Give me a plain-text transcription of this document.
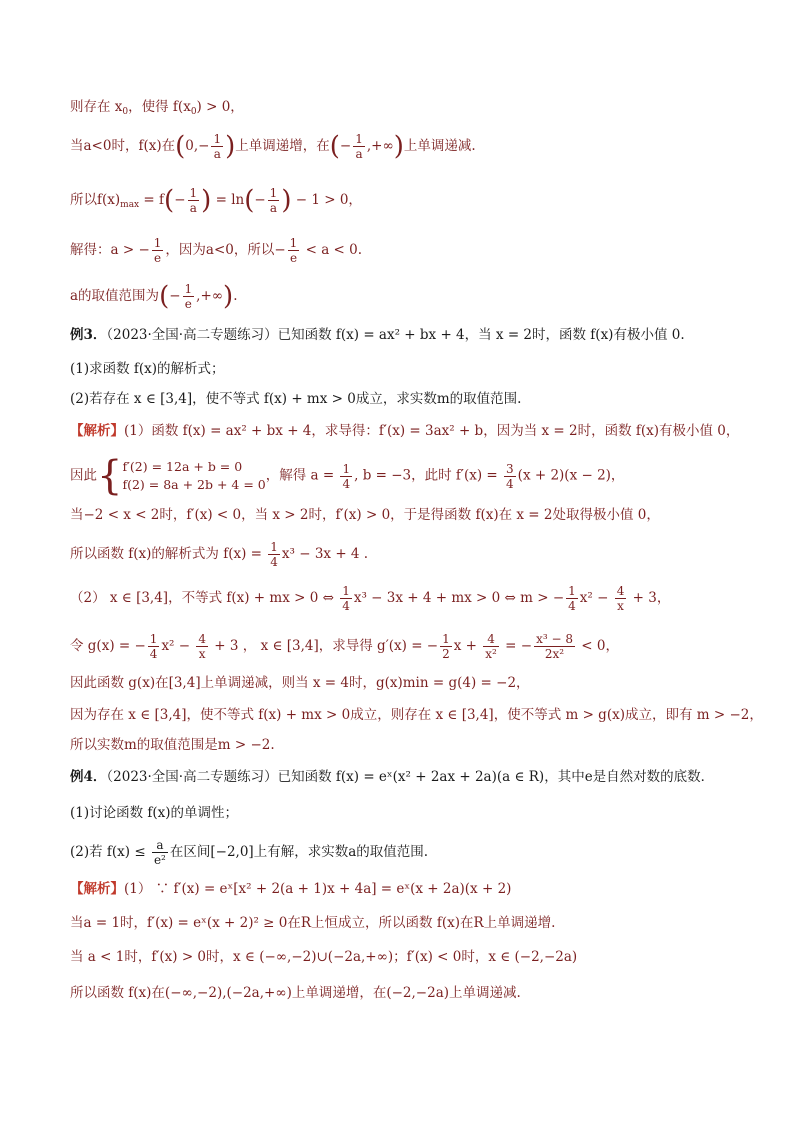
则存在 $x_0$，使得 $f(x_0) > 0$，
当a<0时，f(x)在($0,- \frac{1}{a}$ )上单调递增，在(− $\frac{1}{a}$ ,+∞)上单调递减.
所以$f(x)_{max} = f(- \frac{1}{a}$ ) = $\ln(- \frac{1}{a}$ ) − 1 > 0，
解得：a > − $\frac{1}{e}$ ，因为a<0，所以− $\frac{1}{e} < a < 0$.
a的取值范围为(− $\frac{1}{e}$ ,+∞).
例3．（2023·全国·高二专题练习）已知函数 f(x) = ax² + bx + 4，当 x = 2时，函数 f(x)有极小值 0.
(1)求函数 f(x)的解析式；
(2)若存在 x ∈ [3,4]，使不等式 f(x) + mx > 0成立，求实数m的取值范围.
【解析】(1）函数 f(x) = ax² + bx + 4，求导得：f′(x) = 3ax² + b，因为当 x = 2时，函数 f(x)有极小值 0，
因此{ f′(2) = 12a + b = 0
f(2) = 8a + 2b + 4 = 0
，解得 $a = \frac{1}{4}$ , b = −3，此时 $f'(x) = \frac{3}{4} (x + 2)(x - 2)$，
当−2 < x < 2时，f′(x) < 0，当 x > 2时，f′(x) > 0，于是得函数 f(x)在 x = 2处取得极小值 0，
所以函数 f(x)的解析式为 $f(x) = \frac{1}{4} x^3 - 3x + 4$ .
（2） x ∈ [3,4]，不等式 f(x) + mx > 0 ⇔ $\frac{1}{4} x^3 - 3x + 4$ + mx > 0 ⇔ m > − $\frac{1}{4} x^2 - \frac{4}{x} + 3$，
令 g(x) = − $\frac{1}{4} x^2 - \frac{4}{x} + 3$ ， x ∈ [3,4]，求导得 g′(x) = − $\frac{1}{2}$ $x + \frac{4}{\text{x²}}$ = − $\frac{\text{x³ − 8}}{\text{2x²}} < 0$，
因此函数 g(x)在[3,4]上单调递减，则当 x = 4时，g(x)min = g(4) = −2，
因为存在 x ∈ [3,4]，使不等式 f(x) + mx > 0成立，则存在 x ∈ [3,4]，使不等式 m > g(x)成立，即有 m > −2，
所以实数m的取值范围是m > −2.
例4．（2023·全国·高二专题练习）已知函数 f(x) = eˣ(x² + 2ax + 2a)(a ∈ R)，其中e是自然对数的底数．
(1)讨论函数 f(x)的单调性；
(2)若 $f(x) \le \frac{a}{\text{e²}}$ 在区间[−2,0]上有解，求实数a的取值范围.
【解析】(1） ∵ f′(x) = eˣ[x² + 2(a + 1)x + 4a] = eˣ(x + 2a)(x + 2)
当a = 1时，f′(x) = eˣ(x + 2)² ≥ 0在R上恒成立，所以函数 f(x)在R上单调递增.
当 a < 1时，f′(x) > 0时，x ∈ (−∞,−2)∪(−2a,+∞)；f′(x) < 0时，x ∈ (−2,−2a)
所以函数 f(x)在(−∞,−2),(−2a,+∞)上单调递增，在(−2,−2a)上单调递减.
